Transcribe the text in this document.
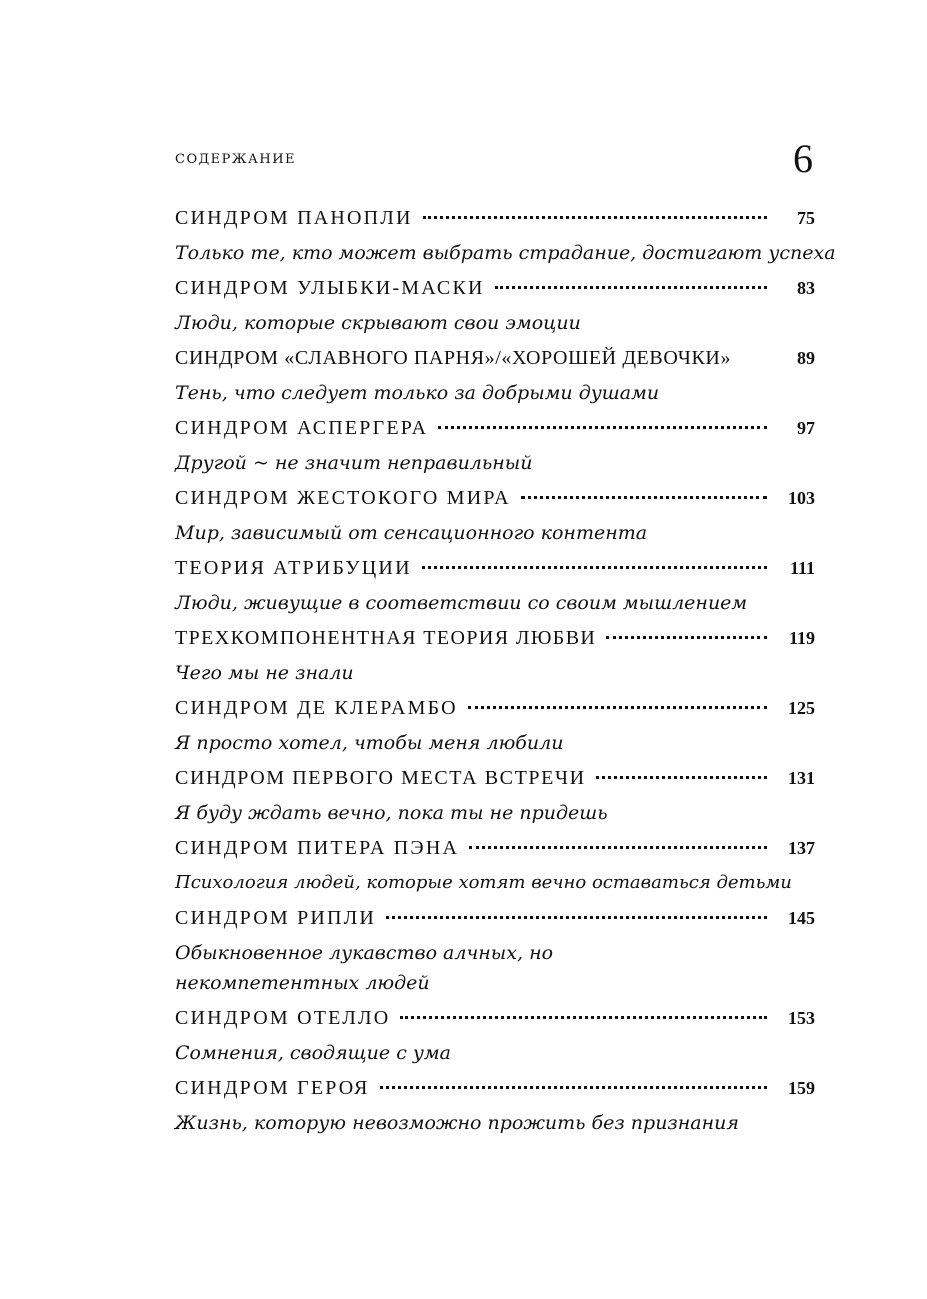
СОДЕРЖАНИЕ	6
СИНДРОМ ПАНОПЛИ	75
Только те, кто может выбрать страдание, достигают успеха
СИНДРОМ УЛЫБКИ-МАСКИ	83
Люди, которые скрывают свои эмоции
СИНДРОМ «СЛАВНОГО ПАРНЯ»/«ХОРОШЕЙ ДЕВОЧКИ»	89
Тень, что следует только за добрыми душами
СИНДРОМ АСПЕРГЕРА	97
Другой ~ не значит неправильный
СИНДРОМ ЖЕСТОКОГО МИРА	103
Мир, зависимый от сенсационного контента
ТЕОРИЯ АТРИБУЦИИ	111
Люди, живущие в соответствии со своим мышлением
ТРЕХКОМПОНЕНТНАЯ ТЕОРИЯ ЛЮБВИ	119
Чего мы не знали
СИНДРОМ ДЕ КЛЕРАМБО	125
Я просто хотел, чтобы меня любили
СИНДРОМ ПЕРВОГО МЕСТА ВСТРЕЧИ	131
Я буду ждать вечно, пока ты не придешь
СИНДРОМ ПИТЕРА ПЭНА	137
Психология людей, которые хотят вечно оставаться детьми
СИНДРОМ РИПЛИ	145
Обыкновенное лукавство алчных, но некомпетентных людей
СИНДРОМ ОТЕЛЛО	153
Сомнения, сводящие с ума
СИНДРОМ ГЕРОЯ	159
Жизнь, которую невозможно прожить без признания
